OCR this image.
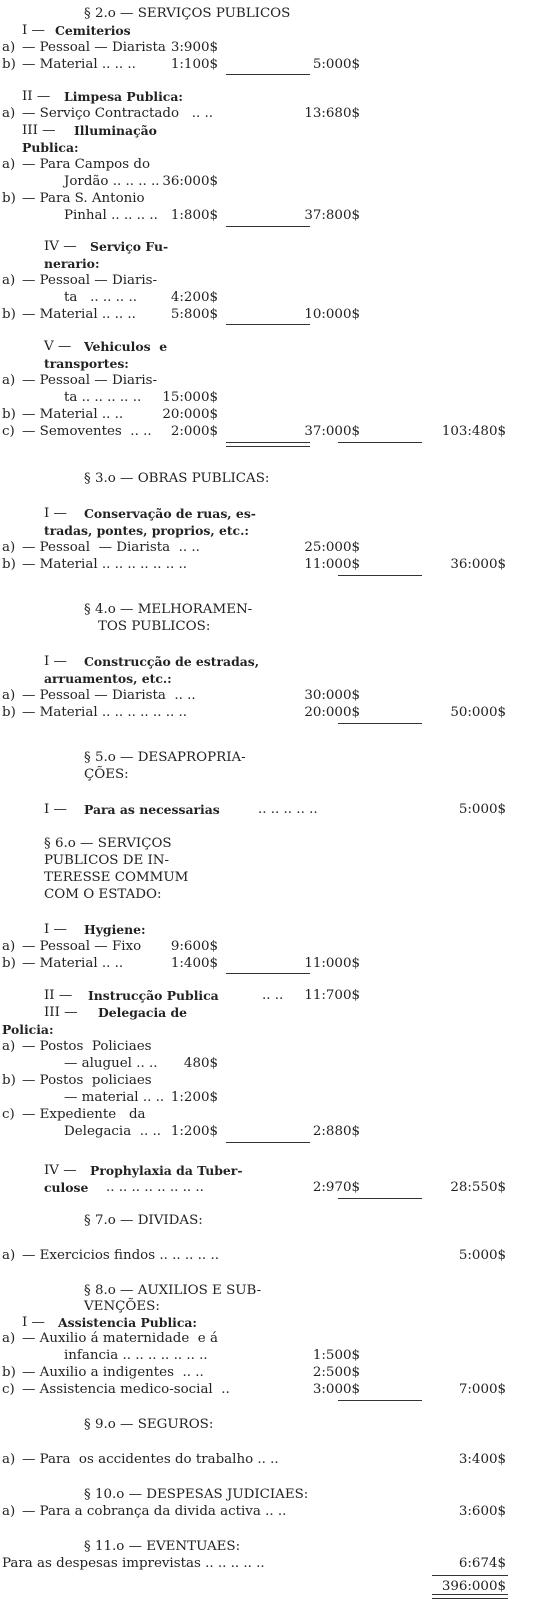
§ 2.o — SERVIÇOS PUBLICOS
I — Cemiterios
a) — Pessoal — Diarista 3:900$
b) — Material .. .. ..	1:100$	5:000$
II — Limpesa Publica:
a) — Serviço Contractado   .. ..	13:680$
III — Illuminação
Publica:
a) — Para Campos do
Jordão .. .. .. .. 36:000$
b) — Para S. Antonio
Pinhal .. .. .. .. 1:800$	37:800$
IV — Serviço Fu-
nerario:
a) — Pessoal — Diaris-
ta   .. .. .. ..	4:200$
b) — Material .. .. ..	5:800$	10:000$
V — Vehiculos  e
transportes:
a) — Pessoal — Diaris-
ta .. .. .. .. .. 15:000$
b) — Material .. ..	20:000$
c) — Semoventes  .. .. 2:000$	37:000$	103:480$
§ 3.o — OBRAS PUBLICAS:
I — Conservação de ruas, es-
tradas, pontes, proprios, etc.:
a) — Pessoal  — Diarista  .. ..	25:000$
b) — Material .. .. .. .. .. .. ..	11:000$	36:000$
§ 4.o — MELHORAMEN-
TOS PUBLICOS:
I — Construcção de estradas,
arruamentos, etc.:
a) — Pessoal — Diarista  .. ..	30:000$
b) — Material .. .. .. .. .. .. ..	20:000$	50:000$
§ 5.o — DESAPROPRIA-
ÇÕES:
I — Para as necessarias	.. .. .. .. ..	5:000$
§ 6.o — SERVIÇOS
PUBLICOS DE IN-
TERESSE COMMUM
COM O ESTADO:
I — Hygiene:
a) — Pessoal — Fixo 9:600$
b) — Material .. ..	1:400$	11:000$
II — Instrucção Publica	.. .. 11:700$
III — Delegacia de
Policia:
a) — Postos  Policiaes
— aluguel .. .. 480$
b) — Postos  policiaes
— material .. .. 1:200$
c) — Expediente   da
Delegacia  .. .. 1:200$	2:880$
IV — Prophylaxia da Tuber-
culose .. .. .. .. .. .. .. ..	2:970$	28:550$
§ 7.o — DIVIDAS:
a) — Exercicios findos .. .. .. .. ..	5:000$
§ 8.o — AUXILIOS E SUB-
VENÇÕES:
I — Assistencia Publica:
a) — Auxilio á maternidade  e á
infancia .. .. .. .. .. .. ..	1:500$
b) — Auxilio a indigentes  .. ..	2:500$
c) — Assistencia medico-social  ..	3:000$	7:000$
§ 9.o — SEGUROS:
a) — Para  os accidentes do trabalho .. ..	3:400$
§ 10.o — DESPESAS JUDICIAES:
a) — Para a cobrança da divida activa .. ..	3:600$
§ 11.o — EVENTUAES:
Para as despesas imprevistas .. .. .. .. ..	6:674$
396:000$
